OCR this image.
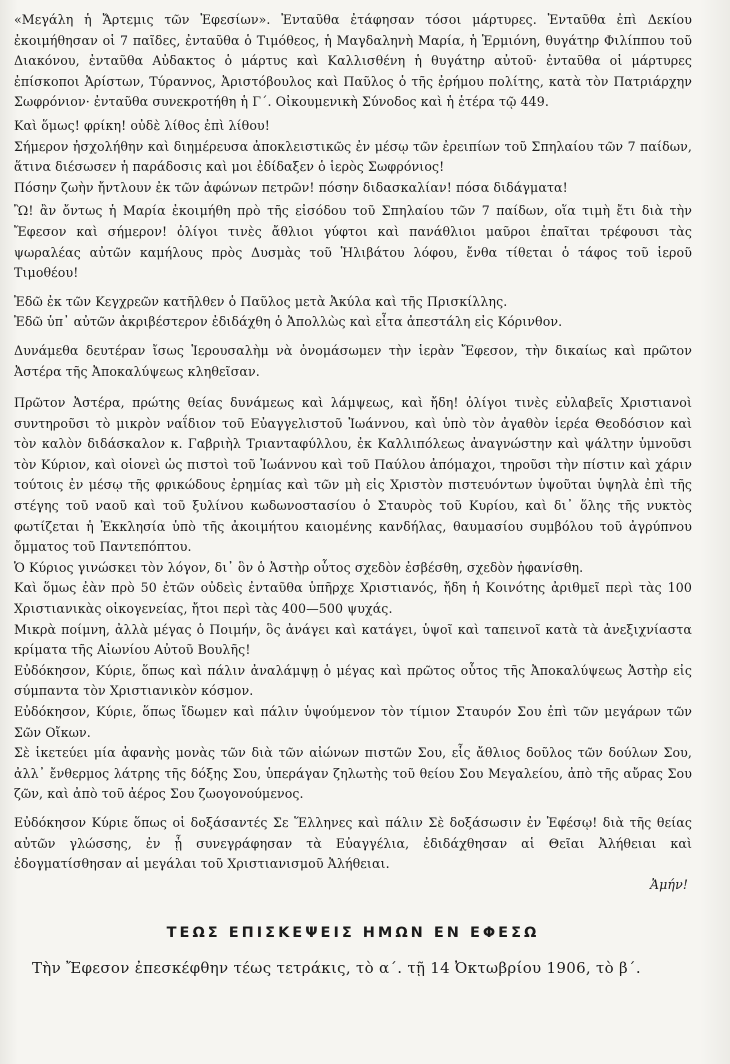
«Μεγάλη ἡ Ἄρτεμις τῶν Ἐφεσίων». Ἐνταῦθα ἐτάφησαν τόσοι μάρτυρες. Ἐνταῦθα ἐπὶ Δεκίου ἐκοιμήθησαν οἱ 7 παῖδες, ἐνταῦθα ὁ Τιμόθεος, ἡ Μαγδαληνὴ Μαρία, ἡ Ἑρμιόνη, θυγάτηρ Φιλίππου τοῦ Διακόνου, ἐνταῦθα Αὐδακτος ὁ μάρτυς καὶ Καλλισθένη ἡ θυγάτηρ αὐτοῦ· ἐνταῦθα οἱ μάρτυρες ἐπίσκοποι Ἀρίστων, Τύραννος, Ἀριστόβουλος καὶ Παῦλος ὁ τῆς ἐρήμου πολίτης, κατὰ τὸν Πατριάρχην Σωφρόνιον· ἐνταῦθα συνεκροτήθη ἡ Γ´. Οἰκουμενικὴ Σύνοδος καὶ ἡ ἑτέρα τῷ 449.

Καὶ ὅμως! φρίκη! οὐδὲ λίθος ἐπὶ λίθου!

Σήμερον ἠσχολήθην καὶ διημέρευσα ἀποκλειστικῶς ἐν μέσῳ τῶν ἐρειπίων τοῦ Σπηλαίου τῶν 7 παίδων, ἅτινα διέσωσεν ἡ παράδοσις καὶ μοι ἐδίδαξεν ὁ ἱερὸς Σωφρόνιος!

Πόσην ζωὴν ἤντλουν ἐκ τῶν ἀφώνων πετρῶν! πόσην διδασκαλίαν! πόσα διδάγματα!

Ὢ! ἂν ὄντως ἡ Μαρία ἐκοιμήθη πρὸ τῆς εἰσόδου τοῦ Σπηλαίου τῶν 7 παίδων, οἵα τιμὴ ἔτι διὰ τὴν Ἔφεσον καὶ σήμερον! ὀλίγοι τινὲς ἄθλιοι γύφτοι καὶ πανάθλιοι μαῦροι ἐπαῖται τρέφουσι τὰς ψωραλέας αὐτῶν καμήλους πρὸς Δυσμὰς τοῦ Ἡλιβάτου λόφου, ἔνθα τίθεται ὁ τάφος τοῦ ἱεροῦ Τιμοθέου!

Ἐδῶ ἐκ τῶν Κεγχρεῶν κατῆλθεν ὁ Παῦλος μετὰ Ἀκύλα καὶ τῆς Πρισκίλλης.

Ἐδῶ ὑπ᾽ αὐτῶν ἀκριβέστερον ἐδιδάχθη ὁ Ἀπολλὼς καὶ εἶτα ἀπεστάλη εἰς Κόρινθον.

Δυνάμεθα δευτέραν ἴσως Ἱερουσαλὴμ νὰ ὀνομάσωμεν τὴν ἱερὰν Ἔφεσον, τὴν δικαίως καὶ πρῶτον Ἀστέρα τῆς Ἀποκαλύψεως κληθεῖσαν.

Πρῶτον Ἀστέρα, πρώτης θείας δυνάμεως καὶ λάμψεως, καὶ ἤδη! ὀλίγοι τινὲς εὐλαβεῖς Χριστιανοὶ συντηροῦσι τὸ μικρὸν ναΐδιον τοῦ Εὐαγγελιστοῦ Ἰωάννου, καὶ ὑπὸ τὸν ἀγαθὸν ἱερέα Θεοδόσιον καὶ τὸν καλὸν διδάσκαλον κ. Γαβριὴλ Τριανταφύλλου, ἐκ Καλλιπόλεως ἀναγνώστην καὶ ψάλτην ὑμνοῦσι τὸν Κύριον, καὶ οἱονεὶ ὡς πιστοὶ τοῦ Ἰωάννου καὶ τοῦ Παύλου ἀπόμαχοι, τηροῦσι τὴν πίστιν καὶ χάριν τούτοις ἐν μέσῳ τῆς φρικώδους ἐρημίας καὶ τῶν μὴ εἰς Χριστὸν πιστευόντων ὑψοῦται ὑψηλὰ ἐπὶ τῆς στέγης τοῦ ναοῦ καὶ τοῦ ξυλίνου κωδωνοστασίου ὁ Σταυρὸς τοῦ Κυρίου, καὶ δι᾽ ὅλης τῆς νυκτὸς φωτίζεται ἡ Ἐκκλησία ὑπὸ τῆς ἀκοιμήτου καιομένης κανδήλας, θαυμασίου συμβόλου τοῦ ἀγρύπνου ὄμματος τοῦ Παντεπόπτου.

Ὁ Κύριος γινώσκει τὸν λόγον, δι᾽ ὃν ὁ Ἀστὴρ οὗτος σχεδὸν ἐσβέσθη, σχεδὸν ἠφανίσθη.

Καὶ ὅμως ἐὰν πρὸ 50 ἐτῶν οὐδεὶς ἐνταῦθα ὑπῆρχε Χριστιανός, ἤδη ἡ Κοινότης ἀριθμεῖ περὶ τὰς 100 Χριστιανικὰς οἰκογενείας, ἤτοι περὶ τὰς 400—500 ψυχάς.

Μικρὰ ποίμνη, ἀλλὰ μέγας ὁ Ποιμήν, ὃς ἀνάγει καὶ κατάγει, ὑψοῖ καὶ ταπεινοῖ κατὰ τὰ ἀνεξιχνίαστα κρίματα τῆς Αἰωνίου Αὐτοῦ Βουλῆς!

Εὐδόκησον, Κύριε, ὅπως καὶ πάλιν ἀναλάμψῃ ὁ μέγας καὶ πρῶτος οὗτος τῆς Ἀποκαλύψεως Ἀστὴρ εἰς σύμπαντα τὸν Χριστιανικὸν κόσμον.

Εὐδόκησον, Κύριε, ὅπως ἴδωμεν καὶ πάλιν ὑψούμενον τὸν τίμιον Σταυρόν Σου ἐπὶ τῶν μεγάρων τῶν Σῶν Οἴκων.

Σὲ ἱκετεύει μία ἀφανὴς μονὰς τῶν διὰ τῶν αἰώνων πιστῶν Σου, εἷς ἄθλιος δοῦλος τῶν δούλων Σου, ἀλλ᾽ ἔνθερμος λάτρης τῆς δόξης Σου, ὑπεράγαν ζηλωτὴς τοῦ θείου Σου Μεγαλείου, ἀπὸ τῆς αὔρας Σου ζῶν, καὶ ἀπὸ τοῦ ἀέρος Σου ζωογονούμενος.

Εὐδόκησον Κύριε ὅπως οἱ δοξάσαντές Σε Ἕλληνες καὶ πάλιν Σὲ δοξάσωσιν ἐν Ἐφέσῳ! διὰ τῆς θείας αὐτῶν γλώσσης, ἐν ᾗ συνεγράφησαν τὰ Εὐαγγέλια, ἐδιδάχθησαν αἱ Θεῖαι Ἀλήθειαι καὶ ἐδογματίσθησαν αἱ μεγάλαι τοῦ Χριστιανισμοῦ Ἀλήθειαι.

Ἀμήν!
ΤΕΩΣ ΕΠΙΣΚΕΨΕΙΣ ΗΜΩΝ ΕΝ ΕΦΕΣΩ
Τὴν Ἔφεσον ἐπεσκέφθην τέως τετράκις, τὸ α´. τῇ 14 Ὀκτωβρίου 1906, τὸ β´.
